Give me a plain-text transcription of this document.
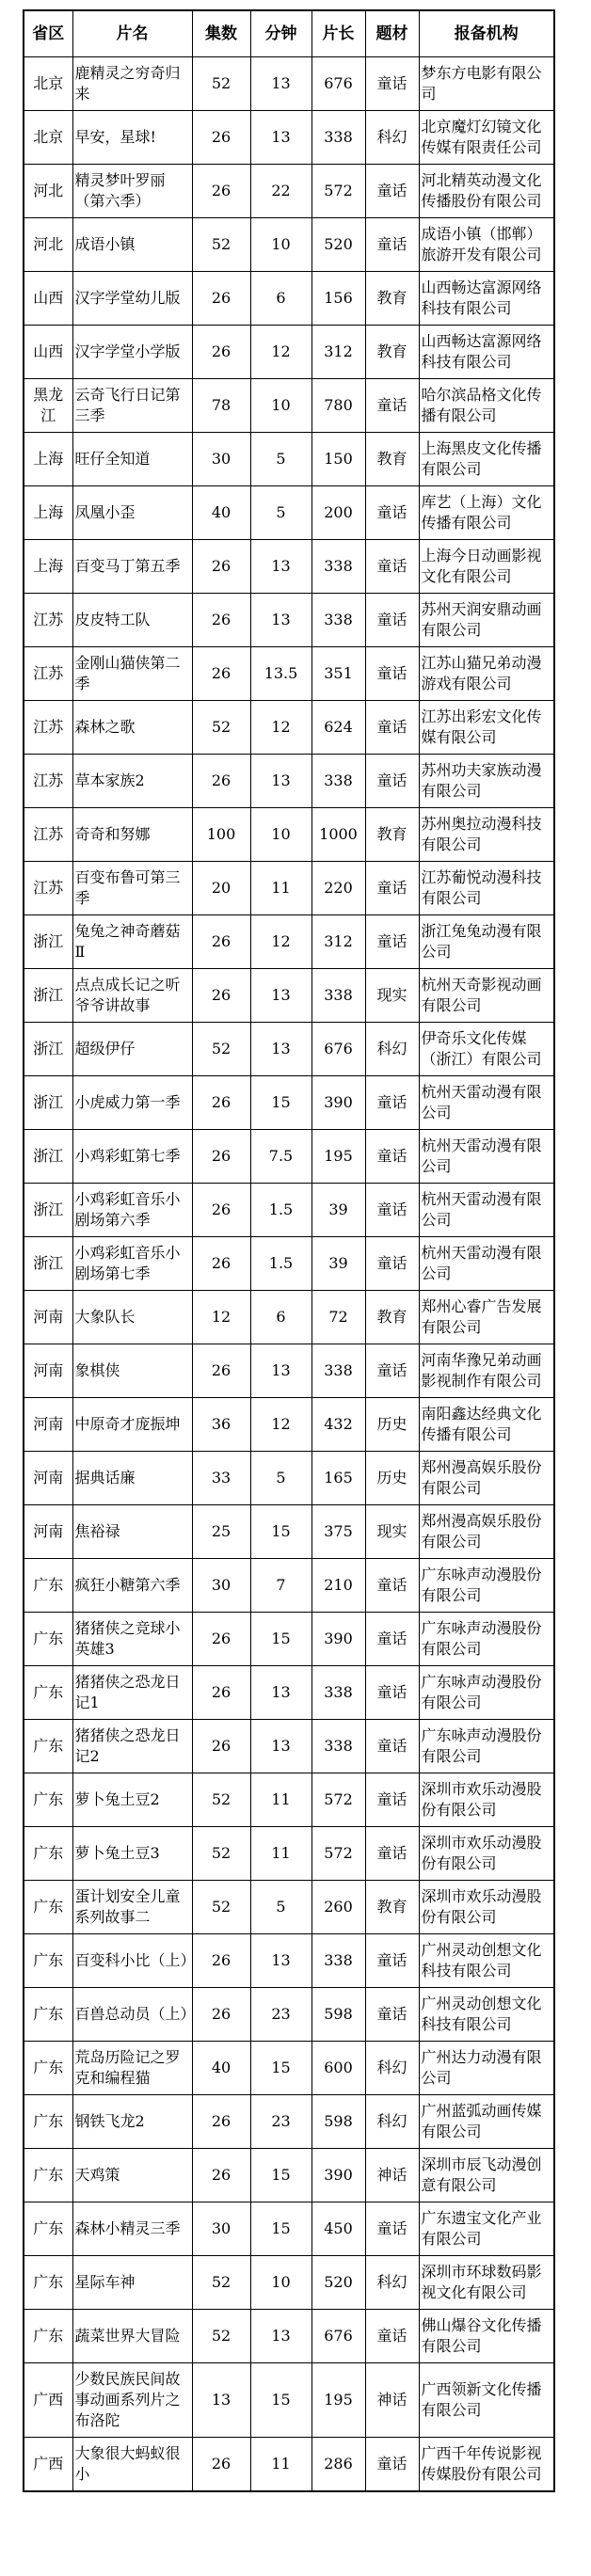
省区	片名	集数	分钟	片长	题材	报备机构
北京	鹿精灵之穷奇归来	52	13	676	童话	梦东方电影有限公司
北京	早安，星球!	26	13	338	科幻	北京魔灯幻镜文化传媒有限责任公司
河北	精灵梦叶罗丽（第六季）	26	22	572	童话	河北精英动漫文化传播股份有限公司
河北	成语小镇	52	10	520	童话	成语小镇（邯郸）旅游开发有限公司
山西	汉字学堂幼儿版	26	6	156	教育	山西畅达富源网络科技有限公司
山西	汉字学堂小学版	26	12	312	教育	山西畅达富源网络科技有限公司
黑龙江	云奇飞行日记第三季	78	10	780	童话	哈尔滨品格文化传播有限公司
上海	旺仔全知道	30	5	150	教育	上海黑皮文化传播有限公司
上海	凤凰小歪	40	5	200	童话	库艺（上海）文化传播有限公司
上海	百变马丁第五季	26	13	338	童话	上海今日动画影视文化有限公司
江苏	皮皮特工队	26	13	338	童话	苏州天润安鼎动画有限公司
江苏	金刚山猫侠第二季	26	13.5	351	童话	江苏山猫兄弟动漫游戏有限公司
江苏	森林之歌	52	12	624	童话	江苏出彩宏文化传媒有限公司
江苏	草本家族2	26	13	338	童话	苏州功夫家族动漫有限公司
江苏	奇奇和努娜	100	10	1000	教育	苏州奥拉动漫科技有限公司
江苏	百变布鲁可第三季	20	11	220	童话	江苏葡悦动漫科技有限公司
浙江	兔兔之神奇蘑菇Ⅱ	26	12	312	童话	浙江兔兔动漫有限公司
浙江	点点成长记之听爷爷讲故事	26	13	338	现实	杭州天奇影视动画有限公司
浙江	超级伊仔	52	13	676	科幻	伊奇乐文化传媒（浙江）有限公司
浙江	小虎威力第一季	26	15	390	童话	杭州天雷动漫有限公司
浙江	小鸡彩虹第七季	26	7.5	195	童话	杭州天雷动漫有限公司
浙江	小鸡彩虹音乐小剧场第六季	26	1.5	39	童话	杭州天雷动漫有限公司
浙江	小鸡彩虹音乐小剧场第七季	26	1.5	39	童话	杭州天雷动漫有限公司
河南	大象队长	12	6	72	教育	郑州心睿广告发展有限公司
河南	象棋侠	26	13	338	童话	河南华豫兄弟动画影视制作有限公司
河南	中原奇才庞振坤	36	12	432	历史	南阳鑫达经典文化传播有限公司
河南	据典话廉	33	5	165	历史	郑州漫高娱乐股份有限公司
河南	焦裕禄	25	15	375	现实	郑州漫高娱乐股份有限公司
广东	疯狂小糖第六季	30	7	210	童话	广东咏声动漫股份有限公司
广东	猪猪侠之竞球小英雄3	26	15	390	童话	广东咏声动漫股份有限公司
广东	猪猪侠之恐龙日记1	26	13	338	童话	广东咏声动漫股份有限公司
广东	猪猪侠之恐龙日记2	26	13	338	童话	广东咏声动漫股份有限公司
广东	萝卜兔土豆2	52	11	572	童话	深圳市欢乐动漫股份有限公司
广东	萝卜兔土豆3	52	11	572	童话	深圳市欢乐动漫股份有限公司
广东	蛋计划安全儿童系列故事二	52	5	260	教育	深圳市欢乐动漫股份有限公司
广东	百变科小比（上）	26	13	338	童话	广州灵动创想文化科技有限公司
广东	百兽总动员（上）	26	23	598	童话	广州灵动创想文化科技有限公司
广东	荒岛历险记之罗克和编程猫	40	15	600	科幻	广州达力动漫有限公司
广东	钢铁飞龙2	26	23	598	科幻	广州蓝弧动画传媒有限公司
广东	天鸡策	26	15	390	神话	深圳市辰飞动漫创意有限公司
广东	森林小精灵三季	30	15	450	童话	广东遗宝文化产业有限公司
广东	星际车神	52	10	520	科幻	深圳市环球数码影视文化有限公司
广东	蔬菜世界大冒险	52	13	676	童话	佛山爆谷文化传播有限公司
广西	少数民族民间故事动画系列片之布洛陀	13	15	195	神话	广西领新文化传播有限公司
广西	大象很大蚂蚁很小	26	11	286	童话	广西千年传说影视传媒股份有限公司
